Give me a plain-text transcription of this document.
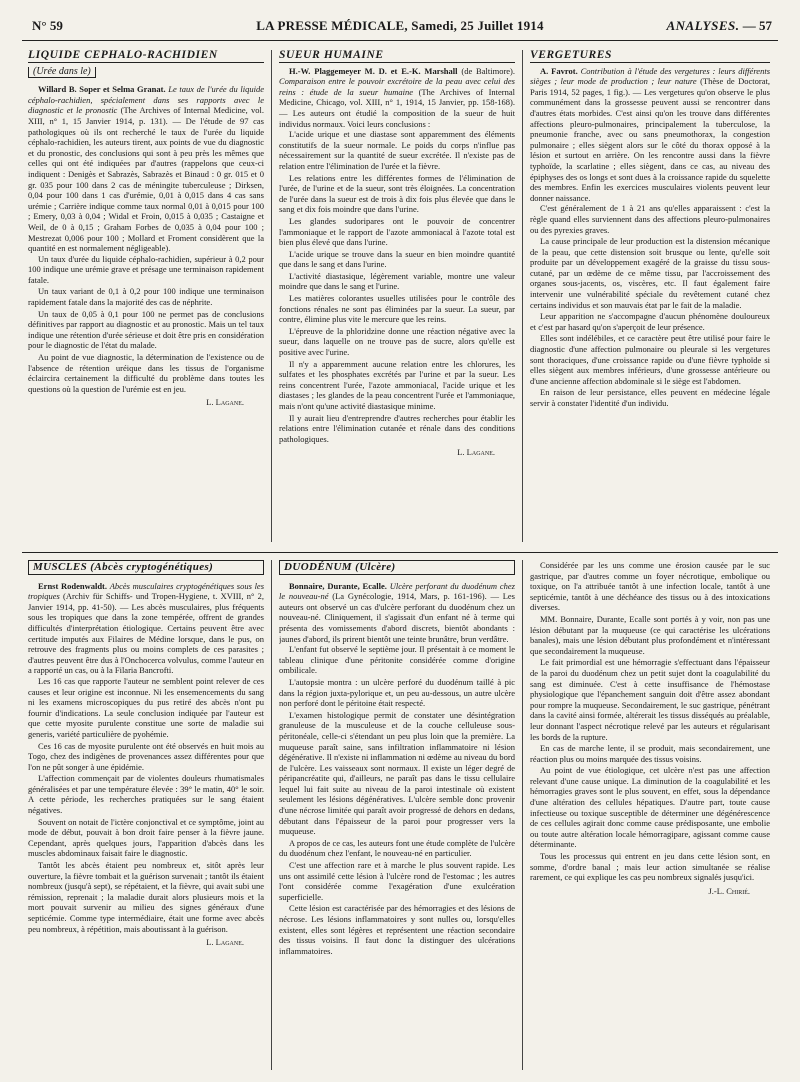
N° 59	LA PRESSE MÉDICALE, Samedi, 25 Juillet 1914	ANALYSES. — 57
LIQUIDE CÉPHALO-RACHIDIEN
(Urée dans le)
Willard B. Soper et Selma Granat. Le taux de l'urée du liquide céphalo-rachidien, spécialement dans ses rapports avec le diagnostic et le pronostic (The Archives of Internal Medicine, vol. XIII, n° 1, 15 Janvier 1914, p. 131). — De l'étude de 97 cas pathologiques où ils ont recherché le taux de l'urée du liquide céphalo-rachidien, les auteurs tirent, aux points de vue du diagnostic et du pronostic, des conclusions qui sont à peu près les mêmes que celles qui ont été indiquées par d'autres (rappelons que ceux-ci indiquent : Denigès et Sabrazès, Sabrazès et Binaud : 0 gr. 015 et 0 gr. 035 pour 100 dans 2 cas de méningite tuberculeuse ; Dirksen, 0,04 pour 100 dans 1 cas d'urémie, 0,01 à 0,015 dans 4 cas sans urémie ; Carrière indique comme taux normal 0,01 à 0,015 pour 100 ; Emery, 0,03 à 0,04 ; Widal et Froin, 0,015 à 0,035 ; Castaigne et Weil, de 0 à 0,15 ; Graham Forbes de 0,035 à 0,04 pour 100 ; Mestrezat 0,006 pour 100 ; Mollard et Froment considèrent que la quantité en est normalement négligeable).

Un taux d'urée du liquide céphalo-rachidien, supérieur à 0,2 pour 100 indique une urémie grave et présage une terminaison rapidement fatale.

Un taux variant de 0,1 à 0,2 pour 100 indique une terminaison rapidement fatale dans la majorité des cas de néphrite.

Un taux de 0,05 à 0,1 pour 100 ne permet pas de conclusions définitives par rapport au diagnostic et au pronostic. Mais un tel taux indique une rétention d'urée sérieuse et doit être pris en considération pour le diagnostic de l'état du malade.

Au point de vue diagnostic, la détermination de l'existence ou de l'absence de rétention uréique dans les tissus de l'organisme éclaircira certainement la difficulté du problème dans toutes les questions où la question de l'urémie est en jeu.

L. Lagane.
SUEUR HUMAINE
H.-W. Plaggemeyer M. D. et E.-K. Marshall (de Baltimore). Comparaison entre le pouvoir excrétoire de la peau avec celui des reins : étude de la sueur humaine (The Archives of Internal Medicine, Chicago, vol. XIII, n° 1, 1914, 15 Janvier, pp. 158-168). — Les auteurs ont étudié la composition de la sueur de huit individus normaux. Voici leurs conclusions :

L'acide urique et une diastase sont apparemment des éléments constitutifs de la sueur normale. Le poids du corps n'influe pas nécessairement sur la quantité de sueur excrétée. Il n'existe pas de relation entre l'élimination de l'urée et la fièvre.

Les relations entre les différentes formes de l'élimination de l'urée, de l'urine et de la sueur, sont très éloignées. La concentration de l'urée dans la sueur est de trois à dix fois plus élevée que dans le sang et dix fois moindre que dans l'urine.

Les glandes sudoripares ont le pouvoir de concentrer l'ammoniaque et le rapport de l'azote ammoniacal à l'azote total est bien plus élevé que dans l'urine.

L'acide urique se trouve dans la sueur en bien moindre quantité que dans le sang et dans l'urine.

L'activité diastasique, légèrement variable, montre une valeur moindre que dans le sang et l'urine.

Les matières colorantes usuelles utilisées pour le contrôle des fonctions rénales ne sont pas éliminées par la sueur. La sueur, par contre, élimine plus vite le mercure que les reins.

L'épreuve de la phloridzine donne une réaction négative avec la sueur, dans laquelle on ne trouve pas de sucre, alors qu'elle est positive avec l'urine.

Il n'y a apparemment aucune relation entre les chlorures, les sulfates et les phosphates excrétés par l'urine et par la sueur. Les reins concentrent l'urée, l'azote ammoniacal, l'acide urique et les diastases ; les glandes de la peau concentrent l'urée et l'ammoniaque, mais n'ont qu'une activité diastasique minime.

Il y aurait lieu d'entreprendre d'autres recherches pour établir les relations entre l'élimination cutanée et rénale dans des conditions pathologiques.

L. Lagane.
VERGETURES
A. Favrot. Contribution à l'étude des vergetures : leurs différents sièges ; leur mode de production ; leur nature (Thèse de Doctorat, Paris 1914, 52 pages, 1 fig.). — Les vergetures qu'on observe le plus communément dans la grossesse peuvent aussi se rencontrer dans d'autres états morbides. C'est ainsi qu'on les trouve dans différentes affections pleuro-pulmonaires, principalement la tuberculose, la pneumonie franche, avec ou sans pneumothorax, la congestion pulmonaire ; elles siègent alors sur le côté du thorax opposé à la lésion et surtout en arrière. On les rencontre aussi dans la fièvre typhoïde, la scarlatine ; elles siègent, dans ce cas, au niveau des épiphyses des os longs et sont dues à la croissance rapide du squelette des membres. Enfin les exercices musculaires violents peuvent leur donner naissance.

C'est généralement de 1 à 21 ans qu'elles apparaissent : c'est la règle quand elles surviennent dans des affections pleuro-pulmonaires ou des pyrexies graves.

La cause principale de leur production est la distension mécanique de la peau, que cette distension soit brusque ou lente, qu'elle soit produite par un développement exagéré de la graisse du tissu sous-cutané, par un œdème de ce même tissu, par l'accroissement des organes sous-jacents, os, viscères, etc. Il faut également faire intervenir une vulnérabilité spéciale du revêtement cutané chez certains individus et son mauvais état par le fait de la maladie.

Leur apparition ne s'accompagne d'aucun phénomène douloureux et c'est par hasard qu'on s'aperçoit de leur présence.

Elles sont indélébiles, et ce caractère peut être utilisé pour faire le diagnostic d'une affection pulmonaire ou pleurale si les vergetures sont thoraciques, d'une croissance rapide ou d'une fièvre typhoïde si elles siègent aux membres inférieurs, d'une grossesse antérieure ou d'une ancienne affection abdominale si le siège est l'abdomen.

En raison de leur persistance, elles peuvent en médecine légale servir à constater l'identité d'un individu.

MUSCLES (Abcès cryptogénétiques)
Ernst Rodenwaldt. Abcès musculaires cryptogénétiques sous les tropiques (Archiv für Schiffs- und Tropen-Hygiene, t. XVIII, n° 2, Janvier 1914, pp. 41-50). — Les abcès musculaires, plus fréquents sous les tropiques que dans la zone tempérée, offrent de grandes difficultés d'interprétation étiologique. Certains peuvent être avec certitude imputés aux Filaires de Médine lorsque, dans le pus, on retrouve des fragments plus ou moins complets de ces parasites ; d'autres peuvent être dus à l'Onchocerca volvulus, comme l'auteur en a rapporté un cas, ou à la Filaria Bancrofti.

Les 16 cas que rapporte l'auteur ne semblent point relever de ces causes et leur origine est inconnue. Ni les ensemencements du sang ni les examens microscopiques du pus retiré des abcès n'ont pu fournir d'indications. La seule conclusion indiquée par l'auteur est que cette myosite purulente constitue une sorte de maladie sui generis, variété particulière de pyohémie.

Ces 16 cas de myosite purulente ont été observés en huit mois au Togo, chez des indigènes de provenances assez différentes pour que l'on ne pût songer à une épidémie.

L'affection commençait par de violentes douleurs rhumatismales généralisées et par une température élevée : 39° le matin, 40° le soir. A cette période, les recherches pratiquées sur le sang étaient négatives.

Souvent on notait de l'ictère conjonctival et ce symptôme, joint au mode de début, pouvait à bon droit faire penser à la fièvre jaune. Cependant, après quelques jours, l'apparition d'abcès dans les muscles abdominaux faisait faire le diagnostic.

Tantôt les abcès étaient peu nombreux et, sitôt après leur ouverture, la fièvre tombait et la guérison survenait ; tantôt ils étaient nombreux (jusqu'à sept), se répétaient, et la fièvre, qui avait subi une rémission, reprenait ; la maladie durait alors plusieurs mois et la mort pouvait survenir au milieu des signes généraux d'une septicémie. Comme type intermédiaire, était une forme avec abcès peu nombreux, à répétition, mais aboutissant à la guérison.

L. Lagane.
DUODÉNUM (Ulcère)
Bonnaire, Durante, Ecalle. Ulcère perforant du duodénum chez le nouveau-né (La Gynécologie, 1914, Mars, p. 161-196). — Les auteurs ont observé un cas d'ulcère perforant du duodénum chez un nouveau-né. Cliniquement, il s'agissait d'un enfant né à terme qui présenta des vomissements d'abord discrets, bientôt abondants : jaunes d'abord, ils prirent bientôt une teinte brunâtre, brun verdâtre.

L'enfant fut observé le septième jour. Il présentait à ce moment le tableau clinique d'une péritonite considérée comme d'origine ombilicale.

L'autopsie montra : un ulcère perforé du duodénum taillé à pic dans la région juxta-pylorique et, un peu au-dessous, un autre ulcère non perforé dont le péritoine était respecté.

L'examen histologique permit de constater une désintégration granuleuse de la musculeuse et de la couche celluleuse sous-péritonéale, celle-ci s'étendant un peu plus loin que la première. La muqueuse paraît saine, sans infiltration inflammatoire ni lésion dégénérative. Il n'existe ni inflammation ni œdème au niveau du bord de l'ulcère. Les vaisseaux sont normaux. Il existe un léger degré de péripancréatite qui, d'ailleurs, ne paraît pas dans le tissu cellulaire lequel lui fait suite au niveau de la paroi intestinale où existent seulement les lésions dégénératives. L'ulcère semble donc provenir d'une nécrose limitée qui paraît avoir progressé de dehors en dedans, débutant dans l'épaisseur de la paroi pour progresser vers la muqueuse.

A propos de ce cas, les auteurs font une étude complète de l'ulcère du duodénum chez l'enfant, le nouveau-né en particulier.

C'est une affection rare et à marche le plus souvent rapide. Les uns ont assimilé cette lésion à l'ulcère rond de l'estomac ; les autres l'ont considérée comme l'exagération d'une exulcération superficielle.

Cette lésion est caractérisée par des hémorragies et des lésions de nécrose. Les lésions inflammatoires y sont nulles ou, lorsqu'elles existent, elles sont légères et représentent une réaction secondaire des tissus voisins. Il faut donc la distinguer des ulcérations inflammatoires.

Considérée par les uns comme une érosion causée par le suc gastrique, par d'autres comme un foyer nécrotique, embolique ou toxique, on l'a attribuée tantôt à une infection locale, tantôt à une septicémie, tantôt à une déchéance des tissus ou à des intoxications diverses.

MM. Bonnaire, Durante, Ecalle sont portés à y voir, non pas une lésion débutant par la muqueuse (ce qui caractérise les ulcérations banales), mais une lésion débutant plus profondément et n'intéressant que secondairement la muqueuse.

Le fait primordial est une hémorragie s'effectuant dans l'épaisseur de la paroi du duodénum chez un petit sujet dont la coagulabilité du sang est diminuée. C'est à cette insuffisance de l'hémostase physiologique que l'épanchement sanguin doit d'être assez abondant pour rompre la muqueuse. Secondairement, le suc gastrique, pénétrant dans la cavité ainsi formée, altérerait les tissus disséqués au préalable, leur donnant l'aspect nécrotique relevé par les auteurs et régularisant les bords de la rupture.

En cas de marche lente, il se produit, mais secondairement, une réaction plus ou moins marquée des tissus voisins.

Au point de vue étiologique, cet ulcère n'est pas une affection relevant d'une cause unique. La diminution de la coagulabilité et les hémorragies graves sont le plus souvent, en effet, sous la dépendance d'une altération des cellules hépatiques. D'autre part, toute cause infectieuse ou toxique susceptible de déterminer une dégénérescence de ces cellules agirait donc comme cause prédisposante, une embolie ou toute autre altération locale hémorragipare, agissant comme cause déterminante.

Tous les processus qui entrent en jeu dans cette lésion sont, en somme, d'ordre banal ; mais leur action simultanée se réalise rarement, ce qui explique les cas peu nombreux signalés jusqu'ici.

J.-L. Chirié.
